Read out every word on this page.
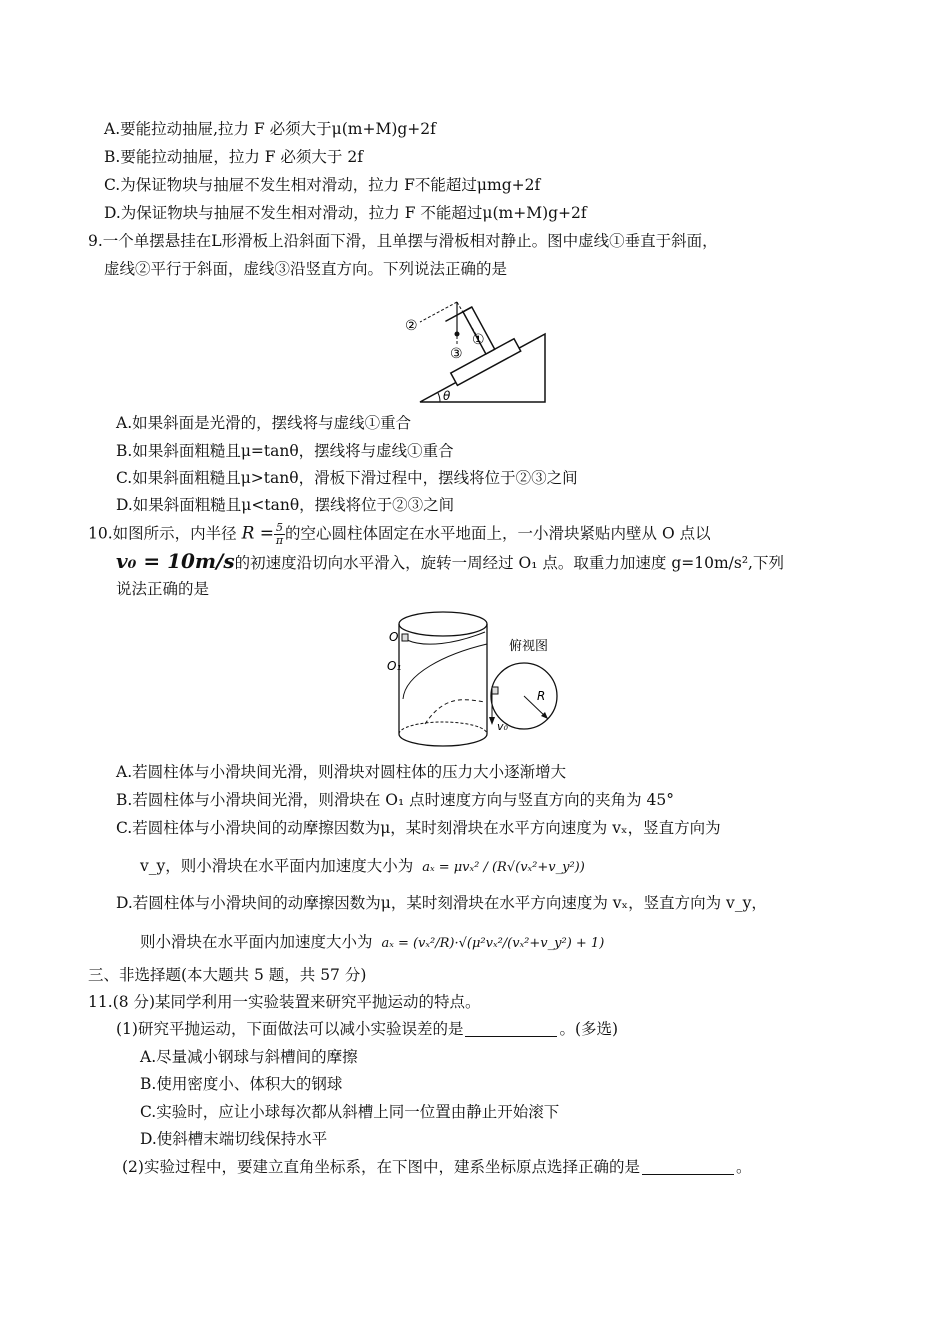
A.要能拉动抽屉,拉力 F 必须大于μ(m+M)g+2f
B.要能拉动抽屉，拉力 F 必须大于 2f
C.为保证物块与抽屉不发生相对滑动，拉力 F不能超过μmg+2f
D.为保证物块与抽屉不发生相对滑动，拉力 F 不能超过μ(m+M)g+2f
9.一个单摆悬挂在L形滑板上沿斜面下滑，且单摆与滑板相对静止。图中虚线①垂直于斜面，
虚线②平行于斜面，虚线③沿竖直方向。下列说法正确的是
①
②
③
θ
A.如果斜面是光滑的，摆线将与虚线①重合
B.如果斜面粗糙且μ=tanθ，摆线将与虚线①重合
C.如果斜面粗糙且μ>tanθ，滑板下滑过程中，摆线将位于②③之间
D.如果斜面粗糙且μ<tanθ，摆线将位于②③之间
10.如图所示，内半径 $R = \frac{5}{\pi}$ 的空心圆柱体固定在水平地面上，一小滑块紧贴内壁从 O 点以
v₀ = 10m/s的初速度沿切向水平滑入，旋转一周经过 O₁ 点。取重力加速度 g=10m/s²,下列
说法正确的是
O
O₁
俯视图
R
v₀
A.若圆柱体与小滑块间光滑，则滑块对圆柱体的压力大小逐渐增大
B.若圆柱体与小滑块间光滑，则滑块在 O₁ 点时速度方向与竖直方向的夹角为 45°
C.若圆柱体与小滑块间的动摩擦因数为μ，某时刻滑块在水平方向速度为 vₓ，竖直方向为
v_y，则小滑块在水平面内加速度大小为 aₓ = μvₓ² / (R√(vₓ²+v_y²))
D.若圆柱体与小滑块间的动摩擦因数为μ，某时刻滑块在水平方向速度为 vₓ，竖直方向为 v_y，
则小滑块在水平面内加速度大小为 aₓ = (vₓ²/R)·√(μ²vₓ²/(vₓ²+v_y²) + 1)
三、非选择题(本大题共 5 题，共 57 分)
11.(8 分)某同学利用一实验装置来研究平抛运动的特点。
(1)研究平抛运动，下面做法可以减小实验误差的是	。(多选)
A.尽量减小钢球与斜槽间的摩擦
B.使用密度小、体积大的钢球
C.实验时，应让小球每次都从斜槽上同一位置由静止开始滚下
D.使斜槽末端切线保持水平
(2)实验过程中，要建立直角坐标系，在下图中，建系坐标原点选择正确的是	。
